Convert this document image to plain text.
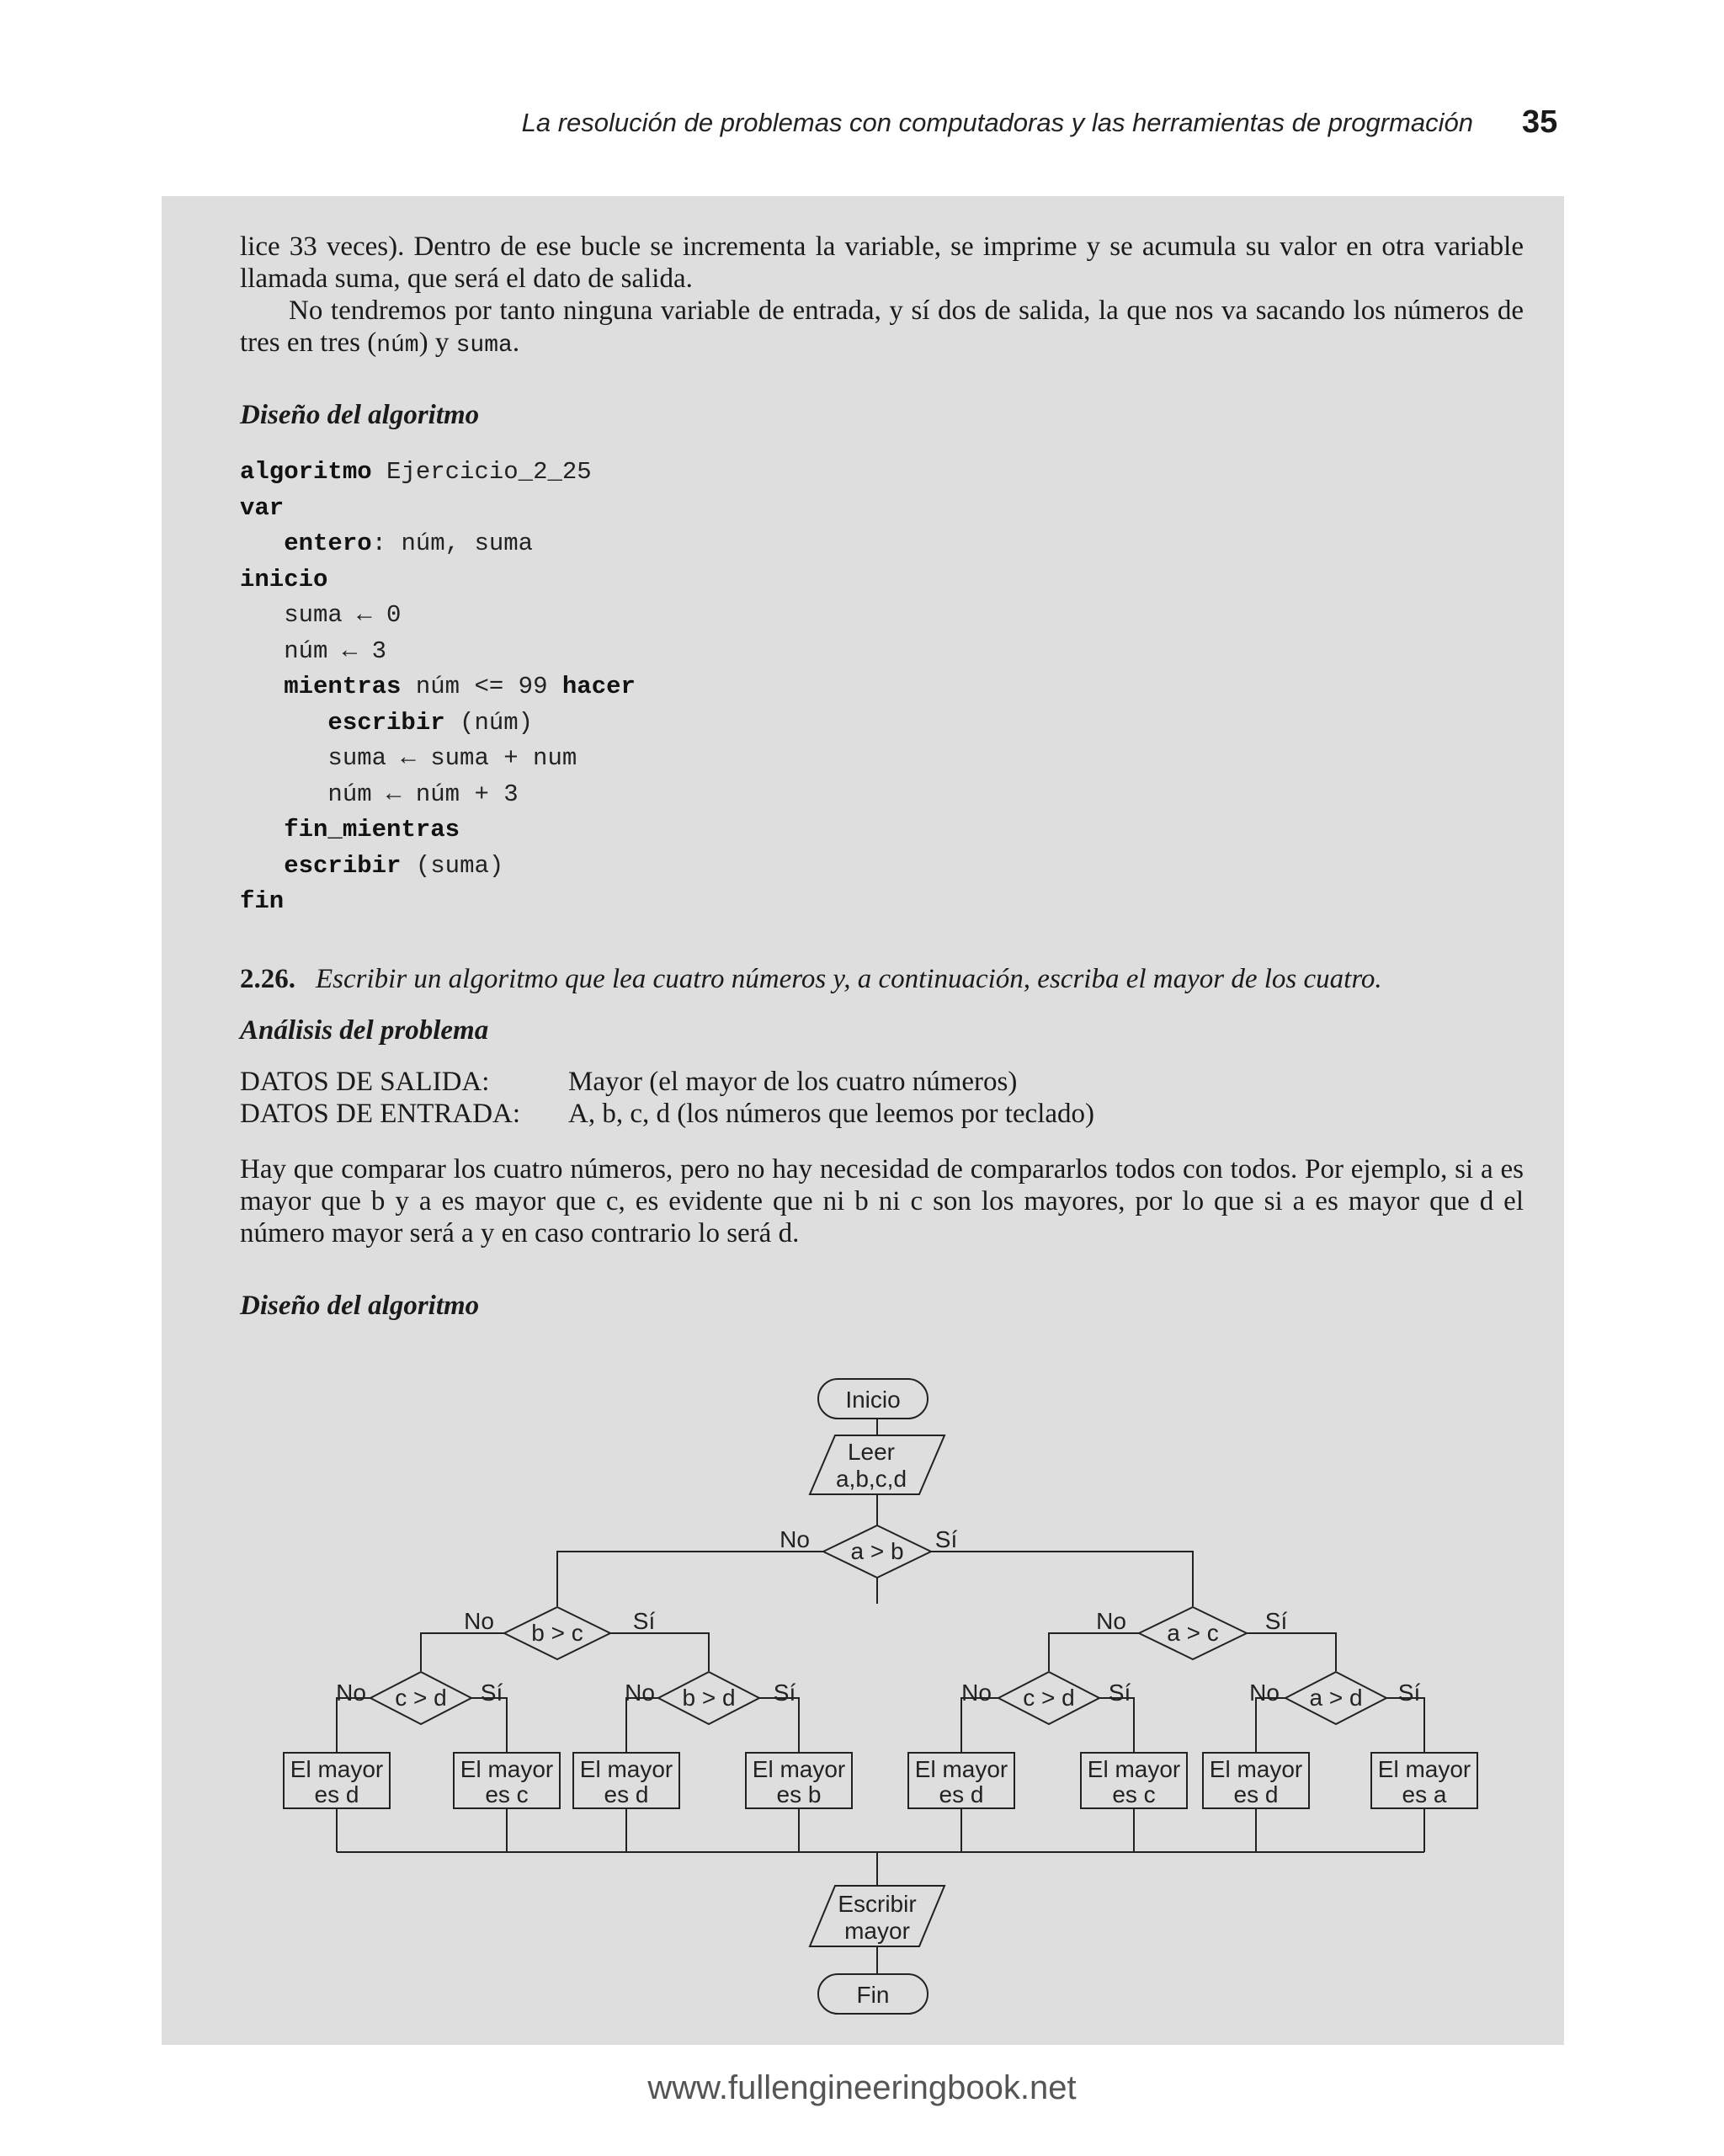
La resolución de problemas con computadoras y las herramientas de progrmación 35

lice 33 veces). Dentro de ese bucle se incrementa la variable, se imprime y se acumula su valor en otra variable llamada suma, que será el dato de salida.

No tendremos por tanto ninguna variable de entrada, y sí dos de salida, la que nos va sacando los números de tres en tres (núm) y suma.

Diseño del algoritmo
algoritmo Ejercicio_2_25
var
entero: núm, suma
inicio
suma ← 0
núm ← 3
mientras núm <= 99 hacer
escribir (núm)
suma ← suma + num
núm ← núm + 3
fin_mientras
escribir (suma)
fin
2.26. Escribir un algoritmo que lea cuatro números y, a continuación, escriba el mayor de los cuatro.
Análisis del problema
DATOS DE SALIDA:	Mayor (el mayor de los cuatro números)
DATOS DE ENTRADA: A, b, c, d (los números que leemos por teclado)
Hay que comparar los cuatro números, pero no hay necesidad de compararlos todos con todos. Por ejemplo, si a es mayor que b y a es mayor que c, es evidente que ni b ni c son los mayores, por lo que si a es mayor que d el número mayor será a y en caso contrario lo será d.
Diseño del algoritmo
Inicio
Leer
a,b,c,d
a > b
No	Sí
b > c
No	Sí	a > c
No	Sí
c > d
No	Sí	b > d
No	Sí	c > d
No	Sí	a > d
No	Sí
El mayor
es d
El mayor
es c
El mayor
es d
El mayor
es b
El mayor
es d
El mayor
es c
El mayor
es d
El mayor
es a
Escribir
mayor
Fin
www.fullengineeringbook.net
